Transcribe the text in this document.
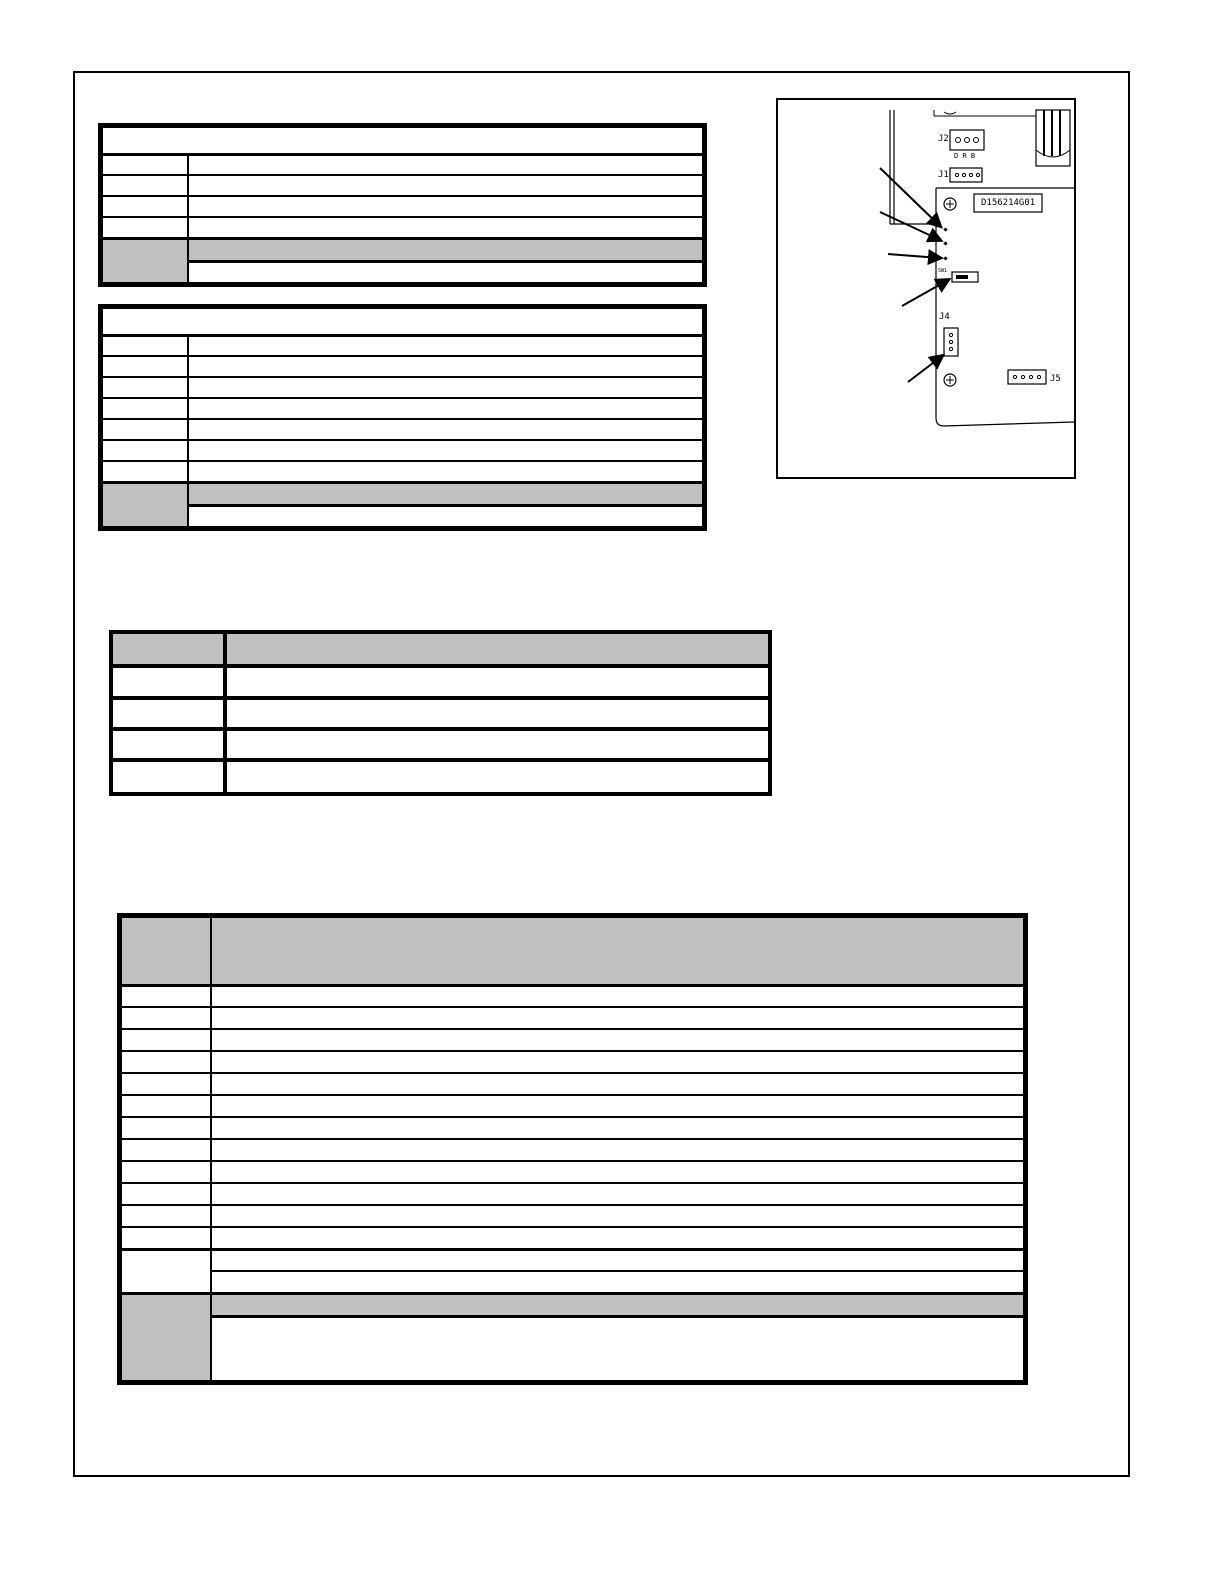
J2
D R B
J1
D156214G01
SW1
J4
J5
